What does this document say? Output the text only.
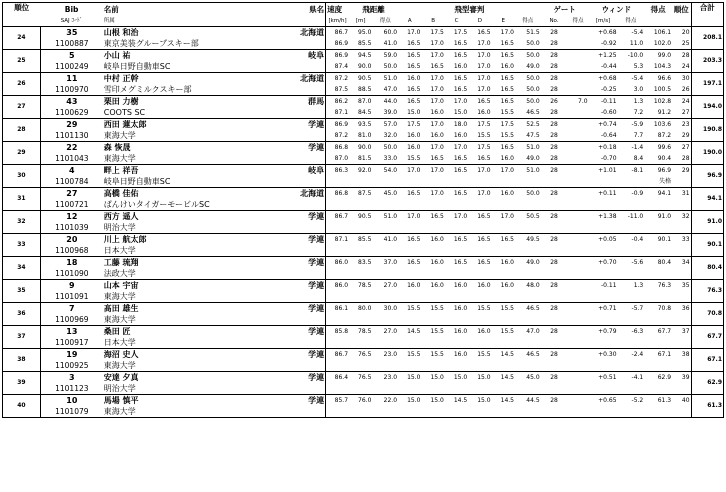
順位	Bib	名前	県名	速度	飛距離		飛型審判						ゲート		ウィンド		得点	順位	合計
	SAJ ｺｰﾄﾞ	所属		[km/h]	[m]	得点	A	B	C	D	E	得点	No.	得点	[m/s]	得点			
24	35	山根 和治	北海道	86.7	95.0	60.0	17.0	17.5	17.5	16.5	17.0	51.5	28		+0.68	-5.4	106.1	20	208.1
	1100887	東京美装グループスキー部		86.9	85.5	41.0	16.5	17.0	16.5	17.0	16.5	50.0	28		-0.92	11.0	102.0	25	
25	5	小山 祐	岐阜	86.9	94.5	59.0	16.5	17.0	16.5	17.0	16.5	50.0	28		+1.25	-10.0	99.0	28	203.3
	1100249	岐阜日野自動車SC		87.4	90.0	50.0	16.5	16.5	16.0	17.0	16.0	49.0	28		-0.44	5.3	104.3	24	
26	11	中村 正幹	北海道	87.2	90.5	51.0	16.0	17.0	16.5	17.0	16.5	50.0	28		+0.68	-5.4	96.6	30	197.1
	1100970	雪印メグミルクスキー部		87.5	88.5	47.0	16.5	17.0	16.5	17.0	16.5	50.0	28		-0.25	3.0	100.5	26	
27	43	栗田 力樹	群馬	86.2	87.0	44.0	16.5	17.0	17.0	16.5	16.5	50.0	26	7.0	-0.11	1.3	102.8	24	194.0
	1100629	COOTS SC		87.1	84.5	39.0	15.0	16.0	15.0	16.0	15.5	46.5	28		-0.60	7.2	91.2	27	
28	29	西田 蓮太郎	学連	86.9	93.5	57.0	17.5	17.0	18.0	17.5	17.5	52.5	28		+0.74	-5.9	103.6	23	190.8
	1101130	東海大学		87.2	81.0	32.0	16.0	16.0	16.0	15.5	15.5	47.5	28		-0.64	7.7	87.2	29	
29	22	森 恢晟	学連	86.8	90.0	50.0	16.0	17.0	17.0	17.5	16.5	51.0	28		+0.18	-1.4	99.6	27	190.0
	1101043	東海大学		87.0	81.5	33.0	15.5	16.5	16.5	16.5	16.0	49.0	28		-0.70	8.4	90.4	28	
30	4	畔上 祥吾	岐阜	86.3	92.0	54.0	17.0	17.0	16.5	17.0	17.0	51.0	28		+1.01	-8.1	96.9	29	96.9
	1100784	岐阜日野自動車SC															失格		
31	27	高橋 佳佑	北海道	86.8	87.5	45.0	16.5	17.0	16.5	17.0	16.0	50.0	28		+0.11	-0.9	94.1	31	94.1
	1100721	ぱんけいタイガーモービルSC																	
32	12	西方 遥人	学連	86.7	90.5	51.0	17.0	16.5	17.0	16.5	17.0	50.5	28		+1.38	-11.0	91.0	32	91.0
	1101039	明治大学																	
33	20	川上 航太郎	学連	87.1	85.5	41.0	16.5	16.0	16.5	16.5	16.5	49.5	28		+0.05	-0.4	90.1	33	90.1
	1100968	日本大学																	
34	18	工藤 琉翔	学連	86.0	83.5	37.0	16.5	16.0	16.5	16.5	16.0	49.0	28		+0.70	-5.6	80.4	34	80.4
	1101090	法政大学																	
35	9	山本 宇宙	学連	86.0	78.5	27.0	16.0	16.0	16.0	16.0	16.0	48.0	28		-0.11	1.3	76.3	35	76.3
	1101091	東海大学																	
36	7	髙田 雄生	学連	86.1	80.0	30.0	15.5	15.5	16.0	15.5	15.5	46.5	28		+0.71	-5.7	70.8	36	70.8
	1100969	東海大学																	
37	13	桑田 匠	学連	85.8	78.5	27.0	14.5	15.5	16.0	16.0	15.5	47.0	28		+0.79	-6.3	67.7	37	67.7
	1100917	日本大学																	
38	19	海沼 史人	学連	86.7	76.5	23.0	15.5	15.5	16.0	15.5	14.5	46.5	28		+0.30	-2.4	67.1	38	67.1
	1100925	東海大学																	
39	3	安達 夕真	学連	86.4	76.5	23.0	15.0	15.0	15.0	15.0	14.5	45.0	28		+0.51	-4.1	62.9	39	62.9
	1101123	明治大学																	
40	10	馬場 慎平	学連	85.7	76.0	22.0	15.0	15.0	14.5	15.0	14.5	44.5	28		+0.65	-5.2	61.3	40	61.3
	1101079	東海大学																	
